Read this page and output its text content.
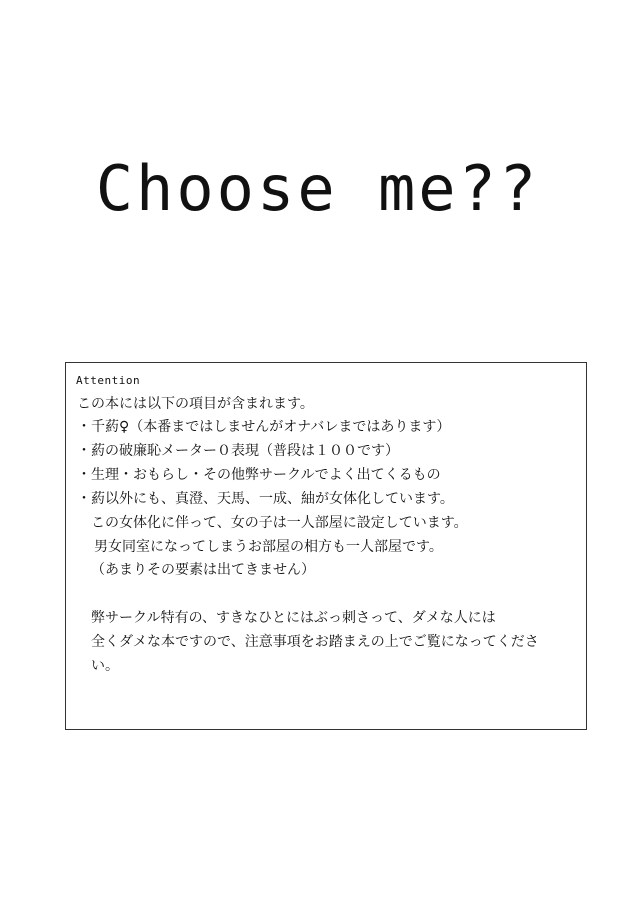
Choose me??
Attention
この本には以下の項目が含まれます。
・千葯♀（本番まではしませんがオナバレまではあります）
・葯の破廉恥メーター０表現（普段は１００です）
・生理・おもらし・その他弊サークルでよく出てくるもの
・葯以外にも、真澄、天馬、一成、紬が女体化しています。
この女体化に伴って、女の子は一人部屋に設定しています。
男女同室になってしまうお部屋の相方も一人部屋です。
（あまりその要素は出てきません）
弊サークル特有の、すきなひとにはぶっ刺さって、ダメな人には
全くダメな本ですので、注意事項をお踏まえの上でご覧になってくださ
い。
